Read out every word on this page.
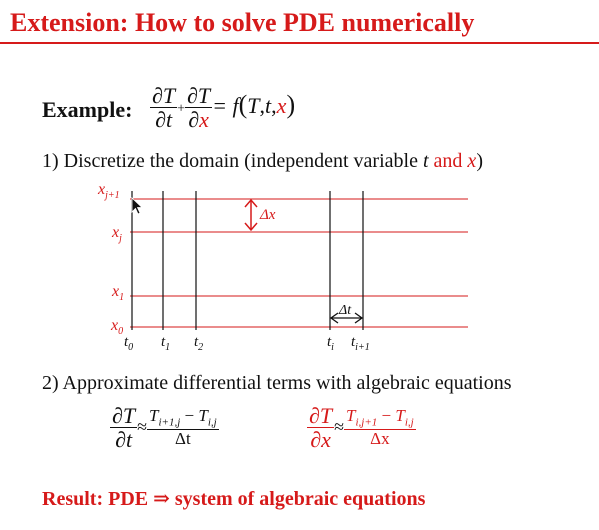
Extension: How to solve PDE numerically
Example: $\frac{\partial T}{\partial t} + \frac{\partial T}{\partial x} = f(T,t,x)$
1) Discretize the domain (independent variable t and x)
Δx
Δt
$x_{j+1}$
$x_j$
$x_1$
$x_0$
$t_0$ $t_1$ $t_2$	$t_i$ $t_{i+1}$
2) Approximate differential terms with algebraic equations
$\frac{\partial T}{\partial t} \approx \frac{T_{i+1,j} - T_{i,j}}{\Delta t}$	$\frac{\partial T}{\partial x} \approx \frac{T_{i,j+1} - T_{i,j}}{\Delta x}$
Result: PDE ⇒ system of algebraic equations
